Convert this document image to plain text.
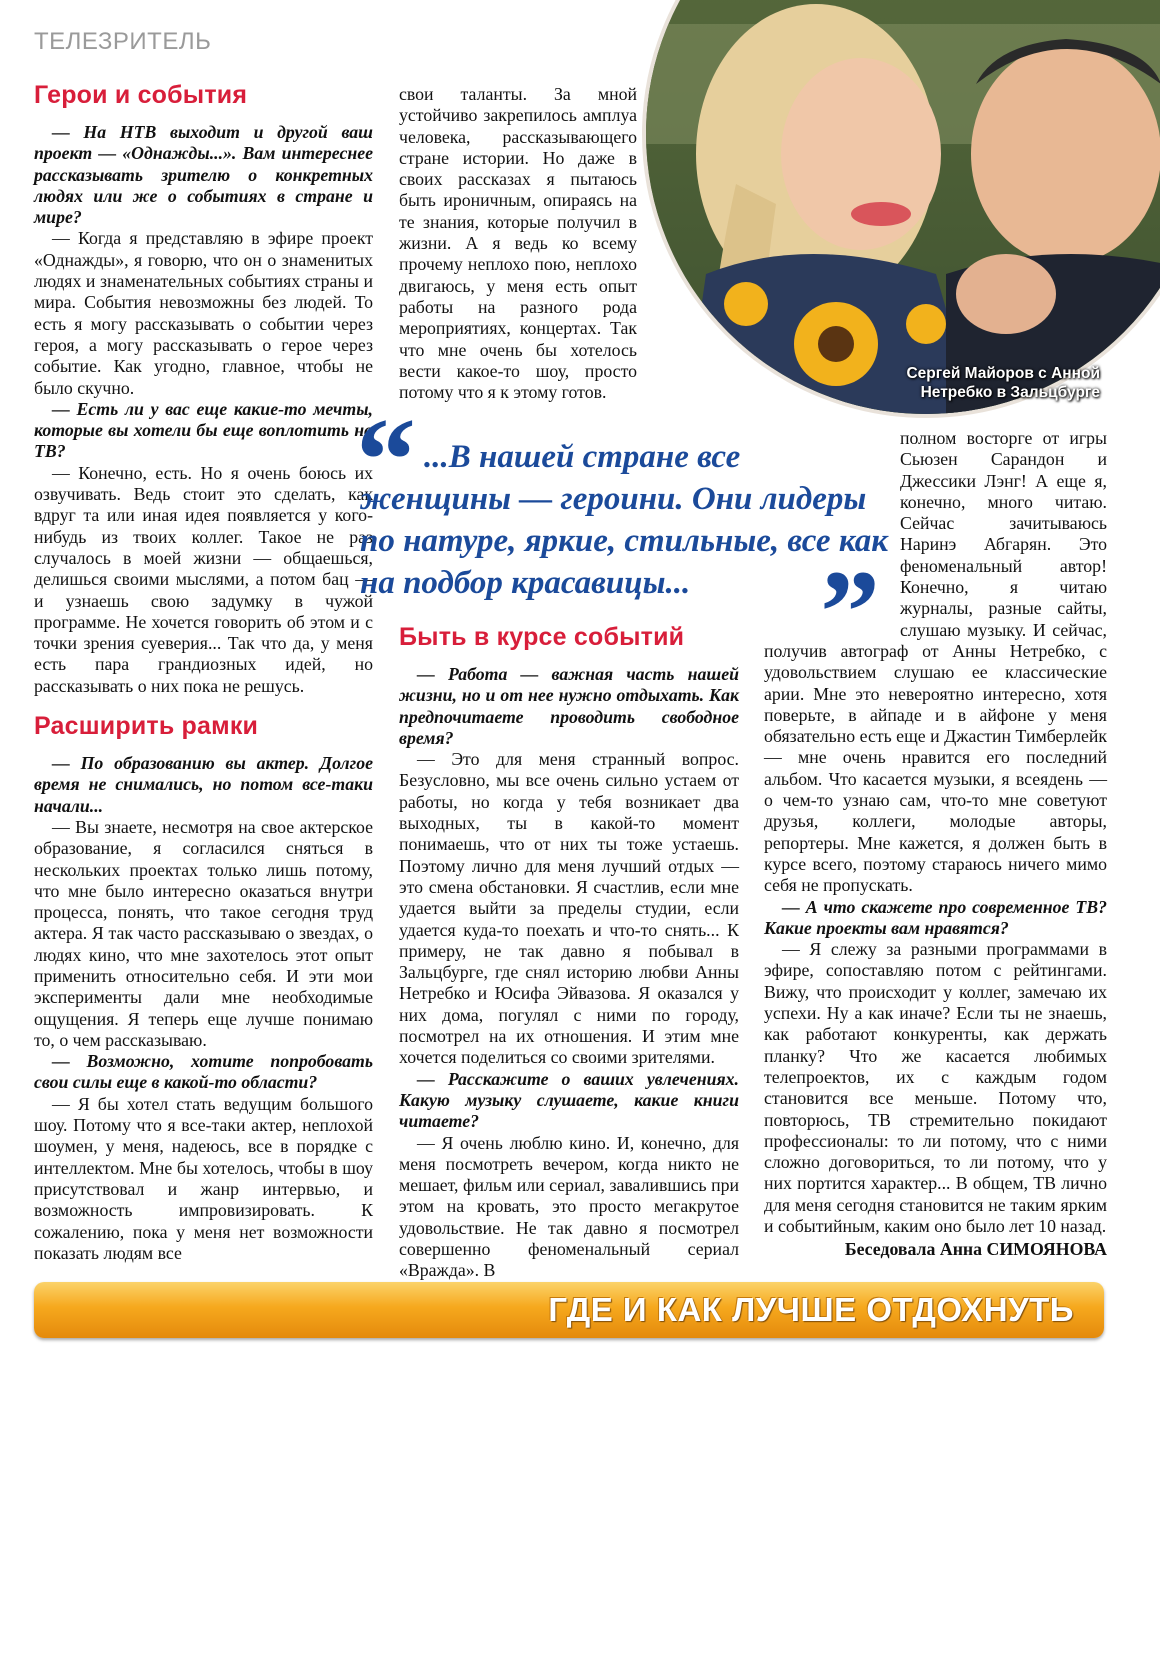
ТЕЛЕЗРИТЕЛЬ
Сергей Майоров с Анной
Нетребко в Зальцбурге
Герои и события

— На НТВ выходит и другой ваш проект — «Однажды...». Вам интереснее рассказывать зрителю о конкретных людях или же о событиях в стране и мире?

— Когда я представляю в эфире проект «Однажды», я говорю, что он о знаменитых людях и знаменательных событиях страны и мира. События невозможны без людей. То есть я могу рассказывать о событии через героя, а могу рассказывать о герое через событие. Как угодно, главное, чтобы не было скучно.

— Есть ли у вас еще какие-то мечты, которые вы хотели бы еще воплотить на ТВ?

— Конечно, есть. Но я очень боюсь их озвучивать. Ведь стоит это сделать, как вдруг та или иная идея появляется у кого-нибудь из твоих коллег. Такое не раз случалось в моей жизни — общаешься, делишься своими мыслями, а потом бац — и узнаешь свою задумку в чужой программе. Не хочется говорить об этом и с точки зрения суеверия... Так что да, у меня есть пара грандиозных идей, но рассказывать о них пока не решусь.

Расширить рамки

— По образованию вы актер. Долгое время не снимались, но потом все-таки начали...

— Вы знаете, несмотря на свое актерское образование, я согласился сняться в нескольких проектах только лишь потому, что мне было интересно оказаться внутри процесса, понять, что такое сегодня труд актера. Я так часто рассказываю о звездах, о людях кино, что мне захотелось этот опыт применить относительно себя. И эти мои эксперименты дали мне необходимые ощущения. Я теперь еще лучше понимаю то, о чем рассказываю.

— Возможно, хотите попробовать свои силы еще в какой-то области?

— Я бы хотел стать ведущим большого шоу. Потому что я все-таки актер, неплохой шоумен, у меня, надеюсь, все в порядке с интеллектом. Мне бы хотелось, чтобы в шоу присутствовал и жанр интервью, и возможность импровизировать. К сожалению, пока у меня нет возможности показать людям все

свои таланты. За мной устойчиво закрепилось амплуа человека, рассказывающего стране истории. Но даже в своих рассказах я пытаюсь быть ироничным, опираясь на те знания, которые получил в жизни. А я ведь ко всему прочему неплохо пою, неплохо двигаюсь, у меня есть опыт работы на разного рода мероприятиях, концертах. Так что мне очень бы хотелось вести какое-то шоу, просто потому что я к этому готов.

“ ...В нашей стране все женщины — героини. Они лидеры по натуре, яркие, стильные, все как на подбор красавицы...	”
Быть в курсе событий

— Работа — важная часть нашей жизни, но и от нее нужно отдыхать. Как предпочитаете проводить свободное время?

— Это для меня странный вопрос. Безусловно, мы все очень сильно устаем от работы, но когда у тебя возникает два выходных, ты в какой-то момент понимаешь, что от них ты тоже устаешь. Поэтому лично для меня лучший отдых — это смена обстановки. Я счастлив, если мне удается выйти за пределы студии, если удается куда-то поехать и что-то снять... К примеру, не так давно я побывал в Зальцбурге, где снял историю любви Анны Нетребко и Юсифа Эйвазова. Я оказался у них дома, погулял с ними по городу, посмотрел на их отношения. И этим мне хочется поделиться со своими зрителями.

— Расскажите о ваших увлечениях. Какую музыку слушаете, какие книги читаете?

— Я очень люблю кино. И, конечно, для меня посмотреть вечером, когда никто не мешает, фильм или сериал, завалившись при этом на кровать, это просто мегакрутое удовольствие. Не так давно я посмотрел совершенно феноменальный сериал «Вражда». В

полном восторге от игры Сьюзен Сарандон и Джессики Лэнг! А еще я, конечно, много читаю. Сейчас зачитываюсь Наринэ Абгарян. Это феноменальный автор! Конечно, я читаю журналы, разные сайты, слушаю музыку. И сейчас, получив автограф от Анны Нетребко, с удовольствием слушаю ее классические арии. Мне это невероятно интересно, хотя поверьте, в айпаде и в айфоне у меня обязательно есть еще и Джастин Тимберлейк — мне очень нравится его последний альбом. Что касается музыки, я всеядень — о чем-то узнаю сам, что-то мне советуют друзья, коллеги, молодые авторы, репортеры. Мне кажется, я должен быть в курсе всего, поэтому стараюсь ничего мимо себя не пропускать.

— А что скажете про современное ТВ? Какие проекты вам нравятся?

— Я слежу за разными программами в эфире, сопоставляю потом с рейтингами. Вижу, что происходит у коллег, замечаю их успехи. Ну а как иначе? Если ты не знаешь, как работают конкуренты, как держать планку? Что же касается любимых телепроектов, их с каждым годом становится все меньше. Потому что, повторюсь, ТВ стремительно покидают профессионалы: то ли потому, что с ними сложно договориться, то ли потому, что у них портится характер... В общем, ТВ лично для меня сегодня становится не таким ярким и событийным, каким оно было лет 10 назад.

Беседовала Анна СИМОЯНОВА
ГДЕ И КАК ЛУЧШЕ ОТДОХНУТЬ
